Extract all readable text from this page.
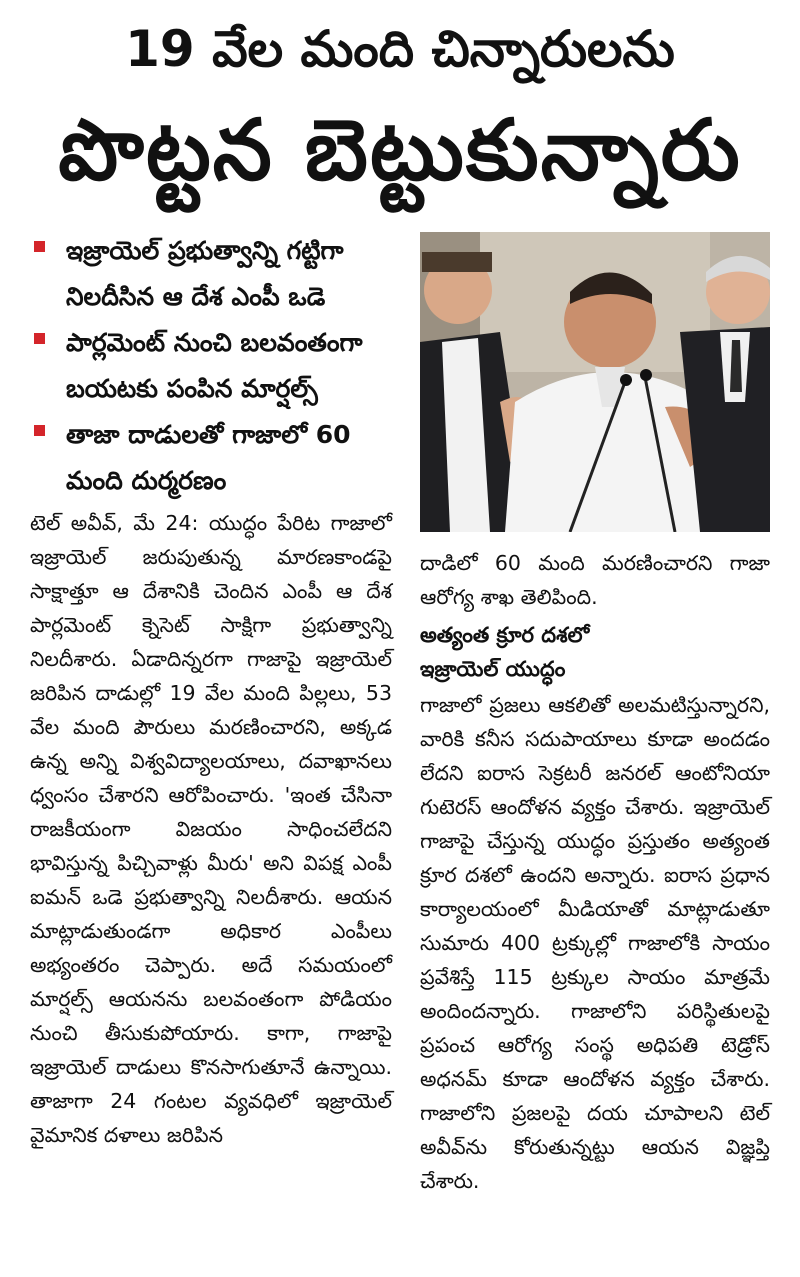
19 వేల మంది చిన్నారులను
పొట్టన బెట్టుకున్నారు
ఇజ్రాయెల్ ప్రభుత్వాన్ని గట్టిగా నిలదీసిన ఆ దేశ ఎంపీ ఒడె
పార్లమెంట్ నుంచి బలవంతంగా బయటకు పంపిన మార్షల్స్
తాజా దాడులతో గాజాలో 60 మంది దుర్మరణం

టెల్ అవీవ్, మే 24: యుద్ధం పేరిట గాజాలో ఇజ్రాయెల్ జరుపుతున్న మారణకాండపై సాక్షాత్తూ ఆ దేశానికి చెందిన ఎంపీ ఆ దేశ పార్లమెంట్ క్నెసెట్ సాక్షిగా ప్రభుత్వాన్ని నిలదీశారు. ఏడాదిన్నరగా గాజాపై ఇజ్రాయెల్ జరిపిన దాడుల్లో 19 వేల మంది పిల్లలు, 53 వేల మంది పౌరులు మరణించారని, అక్కడ ఉన్న అన్ని విశ్వవిద్యాలయాలు, దవాఖానలు ధ్వంసం చేశారని ఆరోపించారు. 'ఇంత చేసినా రాజకీయంగా విజయం సాధించలేదని భావిస్తున్న పిచ్చివాళ్లు మీరు' అని విపక్ష ఎంపీ ఐమన్ ఒడె ప్రభుత్వాన్ని నిలదీశారు. ఆయన మాట్లాడుతుండగా అధికార ఎంపీలు అభ్యంతరం చెప్పారు. అదే సమయంలో మార్షల్స్ ఆయనను బలవంతంగా పోడియం నుంచి తీసుకుపోయారు. కాగా, గాజాపై ఇజ్రాయెల్ దాడులు కొనసాగుతూనే ఉన్నాయి. తాజాగా 24 గంటల వ్యవధిలో ఇజ్రాయెల్ వైమానిక దళాలు జరిపిన

దాడిలో 60 మంది మరణించారని గాజా ఆరోగ్య శాఖ తెలిపింది.

అత్యంత క్రూర దశలో
ఇజ్రాయెల్ యుద్ధం

గాజాలో ప్రజలు ఆకలితో అలమటిస్తున్నారని, వారికి కనీస సదుపాయాలు కూడా అందడం లేదని ఐరాస సెక్రటరీ జనరల్ ఆంటోనియా గుటెరస్ ఆందోళన వ్యక్తం చేశారు. ఇజ్రాయెల్ గాజాపై చేస్తున్న యుద్ధం ప్రస్తుతం అత్యంత క్రూర దశలో ఉందని అన్నారు. ఐరాస ప్రధాన కార్యాలయంలో మీడియాతో మాట్లాడుతూ సుమారు 400 ట్రక్కుల్లో గాజాలోకి సాయం ప్రవేశిస్తే 115 ట్రక్కుల సాయం మాత్రమే అందిందన్నారు. గాజాలోని పరిస్థితులపై ప్రపంచ ఆరోగ్య సంస్థ అధిపతి టెడ్రోస్ అధనమ్ కూడా ఆందోళన వ్యక్తం చేశారు. గాజాలోని ప్రజలపై దయ చూపాలని టెల్ అవీవ్‌ను కోరుతున్నట్టు ఆయన విజ్ఞప్తి చేశారు.
